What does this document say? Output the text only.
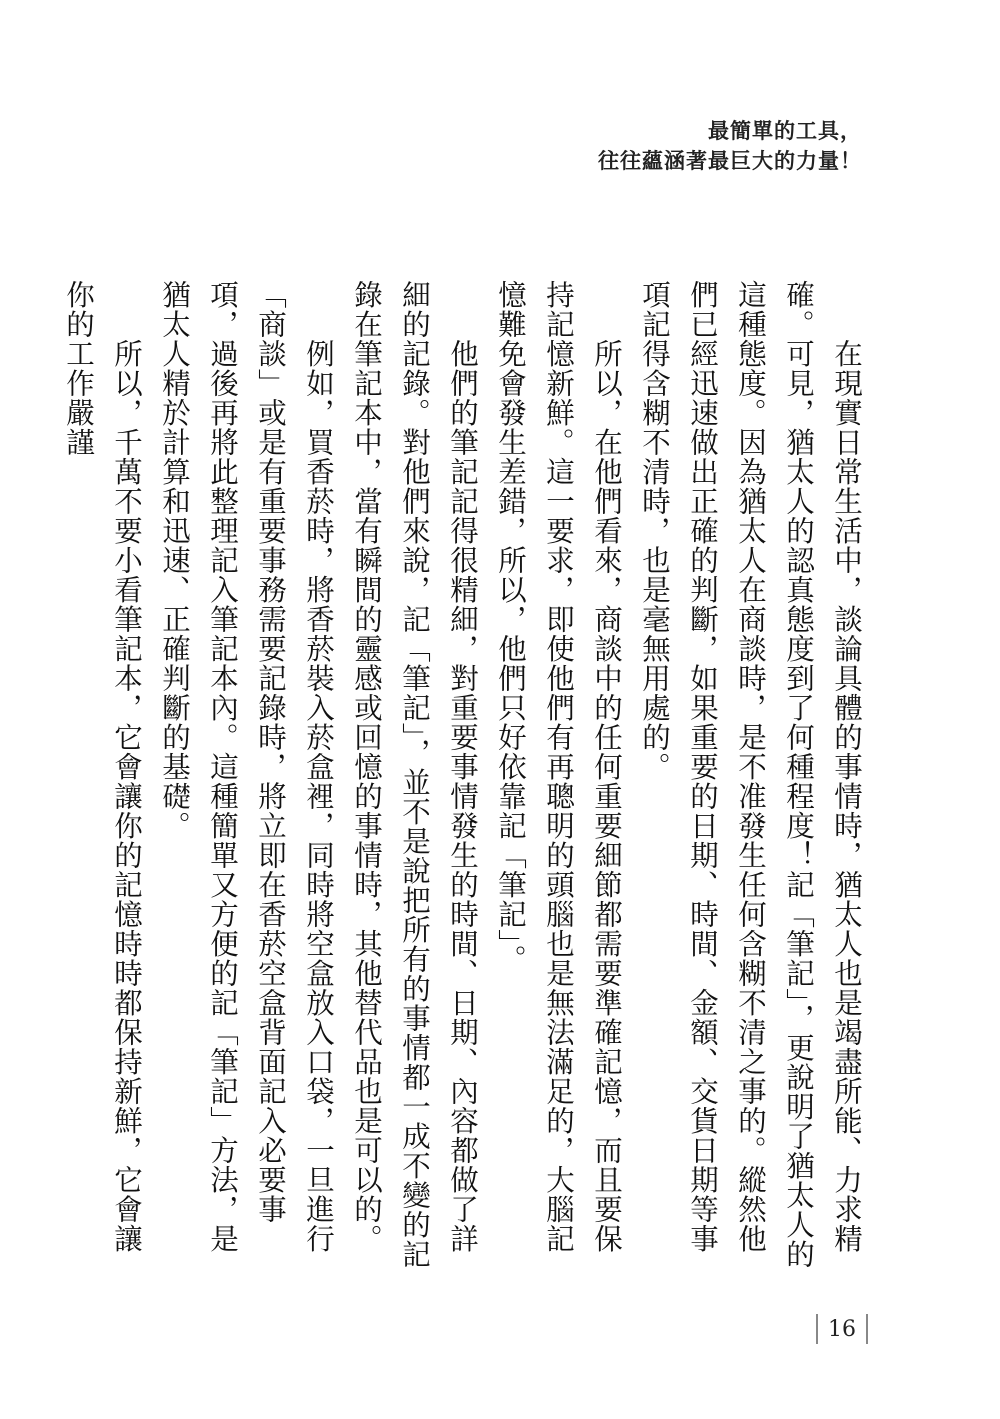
最簡單的工具，
往往蘊涵著最巨大的力量！

　　在現實日常生活中，談論具體的事情時，猶太人也是竭盡所能、力求精確。可見，猶太人的認真態度到了何種程度！記「筆記」，更說明了猶太人的這種態度。因為猶太人在商談時，是不准發生任何含糊不清之事的。縱然他們已經迅速做出正確的判斷，如果重要的日期、時間、金額、交貨日期等事項記得含糊不清時，也是毫無用處的。

　　所以，在他們看來，商談中的任何重要細節都需要準確記憶，而且要保持記憶新鮮。這一要求，即使他們有再聰明的頭腦也是無法滿足的，大腦記憶難免會發生差錯，所以，他們只好依靠記「筆記」。

　　他們的筆記記得很精細，對重要事情發生的時間、日期、內容都做了詳細的記錄。對他們來說，記「筆記」，並不是說把所有的事情都一成不變的記錄在筆記本中，當有瞬間的靈感或回憶的事情時，其他替代品也是可以的。

　　例如，買香菸時，將香菸裝入菸盒裡，同時將空盒放入口袋，一旦進行「商談」或是有重要事務需要記錄時，將立即在香菸空盒背面記入必要事項，過後再將此整理記入筆記本內。這種簡單又方便的記「筆記」方法，是猶太人精於計算和迅速、正確判斷的基礎。

　　所以，千萬不要小看筆記本，它會讓你的記憶時時都保持新鮮，它會讓你的工作嚴謹

16
